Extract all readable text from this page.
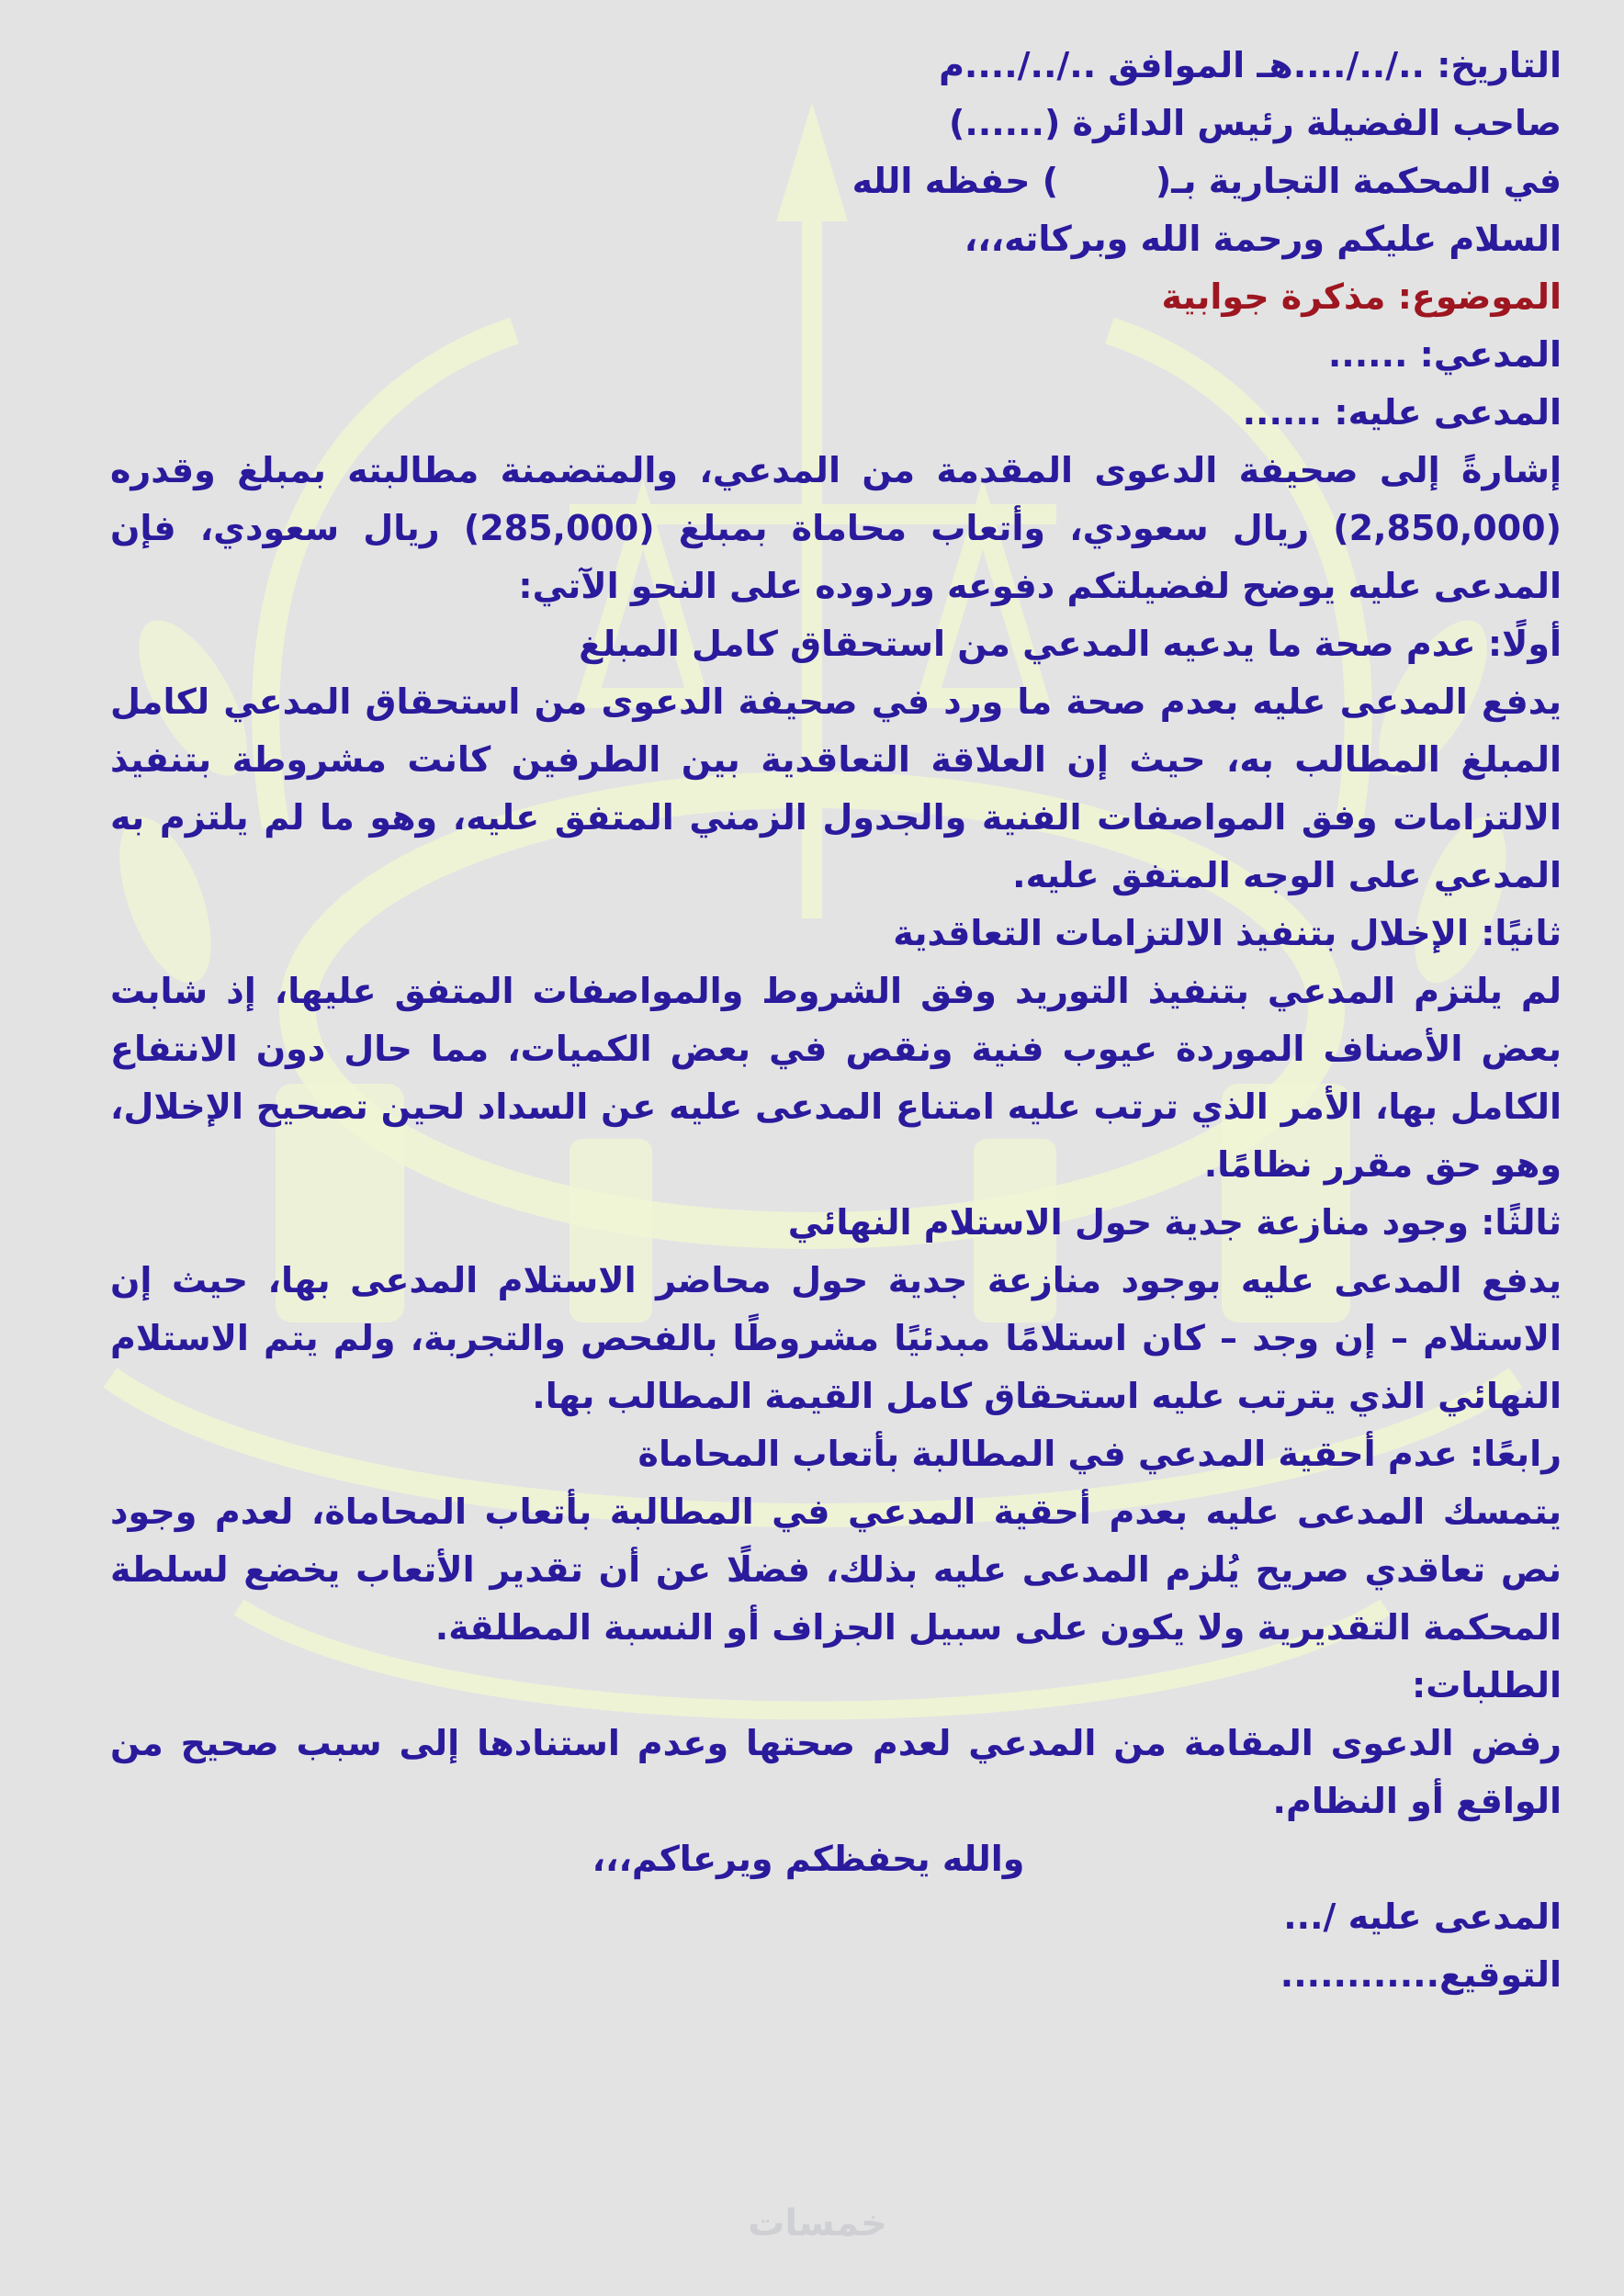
التاريخ: ../../....هـ الموافق ../../....م
صاحب الفضيلة رئيس الدائرة (......)
في المحكمة التجارية بـ(        ) حفظه الله
السلام عليكم ورحمة الله وبركاته،،،
الموضوع: مذكرة جوابية
المدعي: ......
المدعى عليه: ......
إشارةً إلى صحيفة الدعوى المقدمة من المدعي، والمتضمنة مطالبته بمبلغ وقدره (2,850,000) ريال سعودي، وأتعاب محاماة بمبلغ (285,000) ريال سعودي، فإن المدعى عليه يوضح لفضيلتكم دفوعه وردوده على النحو الآتي:
أولًا: عدم صحة ما يدعيه المدعي من استحقاق كامل المبلغ
يدفع المدعى عليه بعدم صحة ما ورد في صحيفة الدعوى من استحقاق المدعي لكامل المبلغ المطالب به، حيث إن العلاقة التعاقدية بين الطرفين كانت مشروطة بتنفيذ الالتزامات وفق المواصفات الفنية والجدول الزمني المتفق عليه، وهو ما لم يلتزم به المدعي على الوجه المتفق عليه.
ثانيًا: الإخلال بتنفيذ الالتزامات التعاقدية
لم يلتزم المدعي بتنفيذ التوريد وفق الشروط والمواصفات المتفق عليها، إذ شابت بعض الأصناف الموردة عيوب فنية ونقص في بعض الكميات، مما حال دون الانتفاع الكامل بها، الأمر الذي ترتب عليه امتناع المدعى عليه عن السداد لحين تصحيح الإخلال، وهو حق مقرر نظامًا.
ثالثًا: وجود منازعة جدية حول الاستلام النهائي
يدفع المدعى عليه بوجود منازعة جدية حول محاضر الاستلام المدعى بها، حيث إن الاستلام – إن وجد – كان استلامًا مبدئيًا مشروطًا بالفحص والتجربة، ولم يتم الاستلام النهائي الذي يترتب عليه استحقاق كامل القيمة المطالب بها.
رابعًا: عدم أحقية المدعي في المطالبة بأتعاب المحاماة
يتمسك المدعى عليه بعدم أحقية المدعي في المطالبة بأتعاب المحاماة، لعدم وجود نص تعاقدي صريح يُلزم المدعى عليه بذلك، فضلًا عن أن تقدير الأتعاب يخضع لسلطة المحكمة التقديرية ولا يكون على سبيل الجزاف أو النسبة المطلقة.
الطلبات:
رفض الدعوى المقامة من المدعي لعدم صحتها وعدم استنادها إلى سبب صحيح من الواقع أو النظام.
والله يحفظكم ويرعاكم،،،
المدعى عليه /...
التوقيع............
خمسات
